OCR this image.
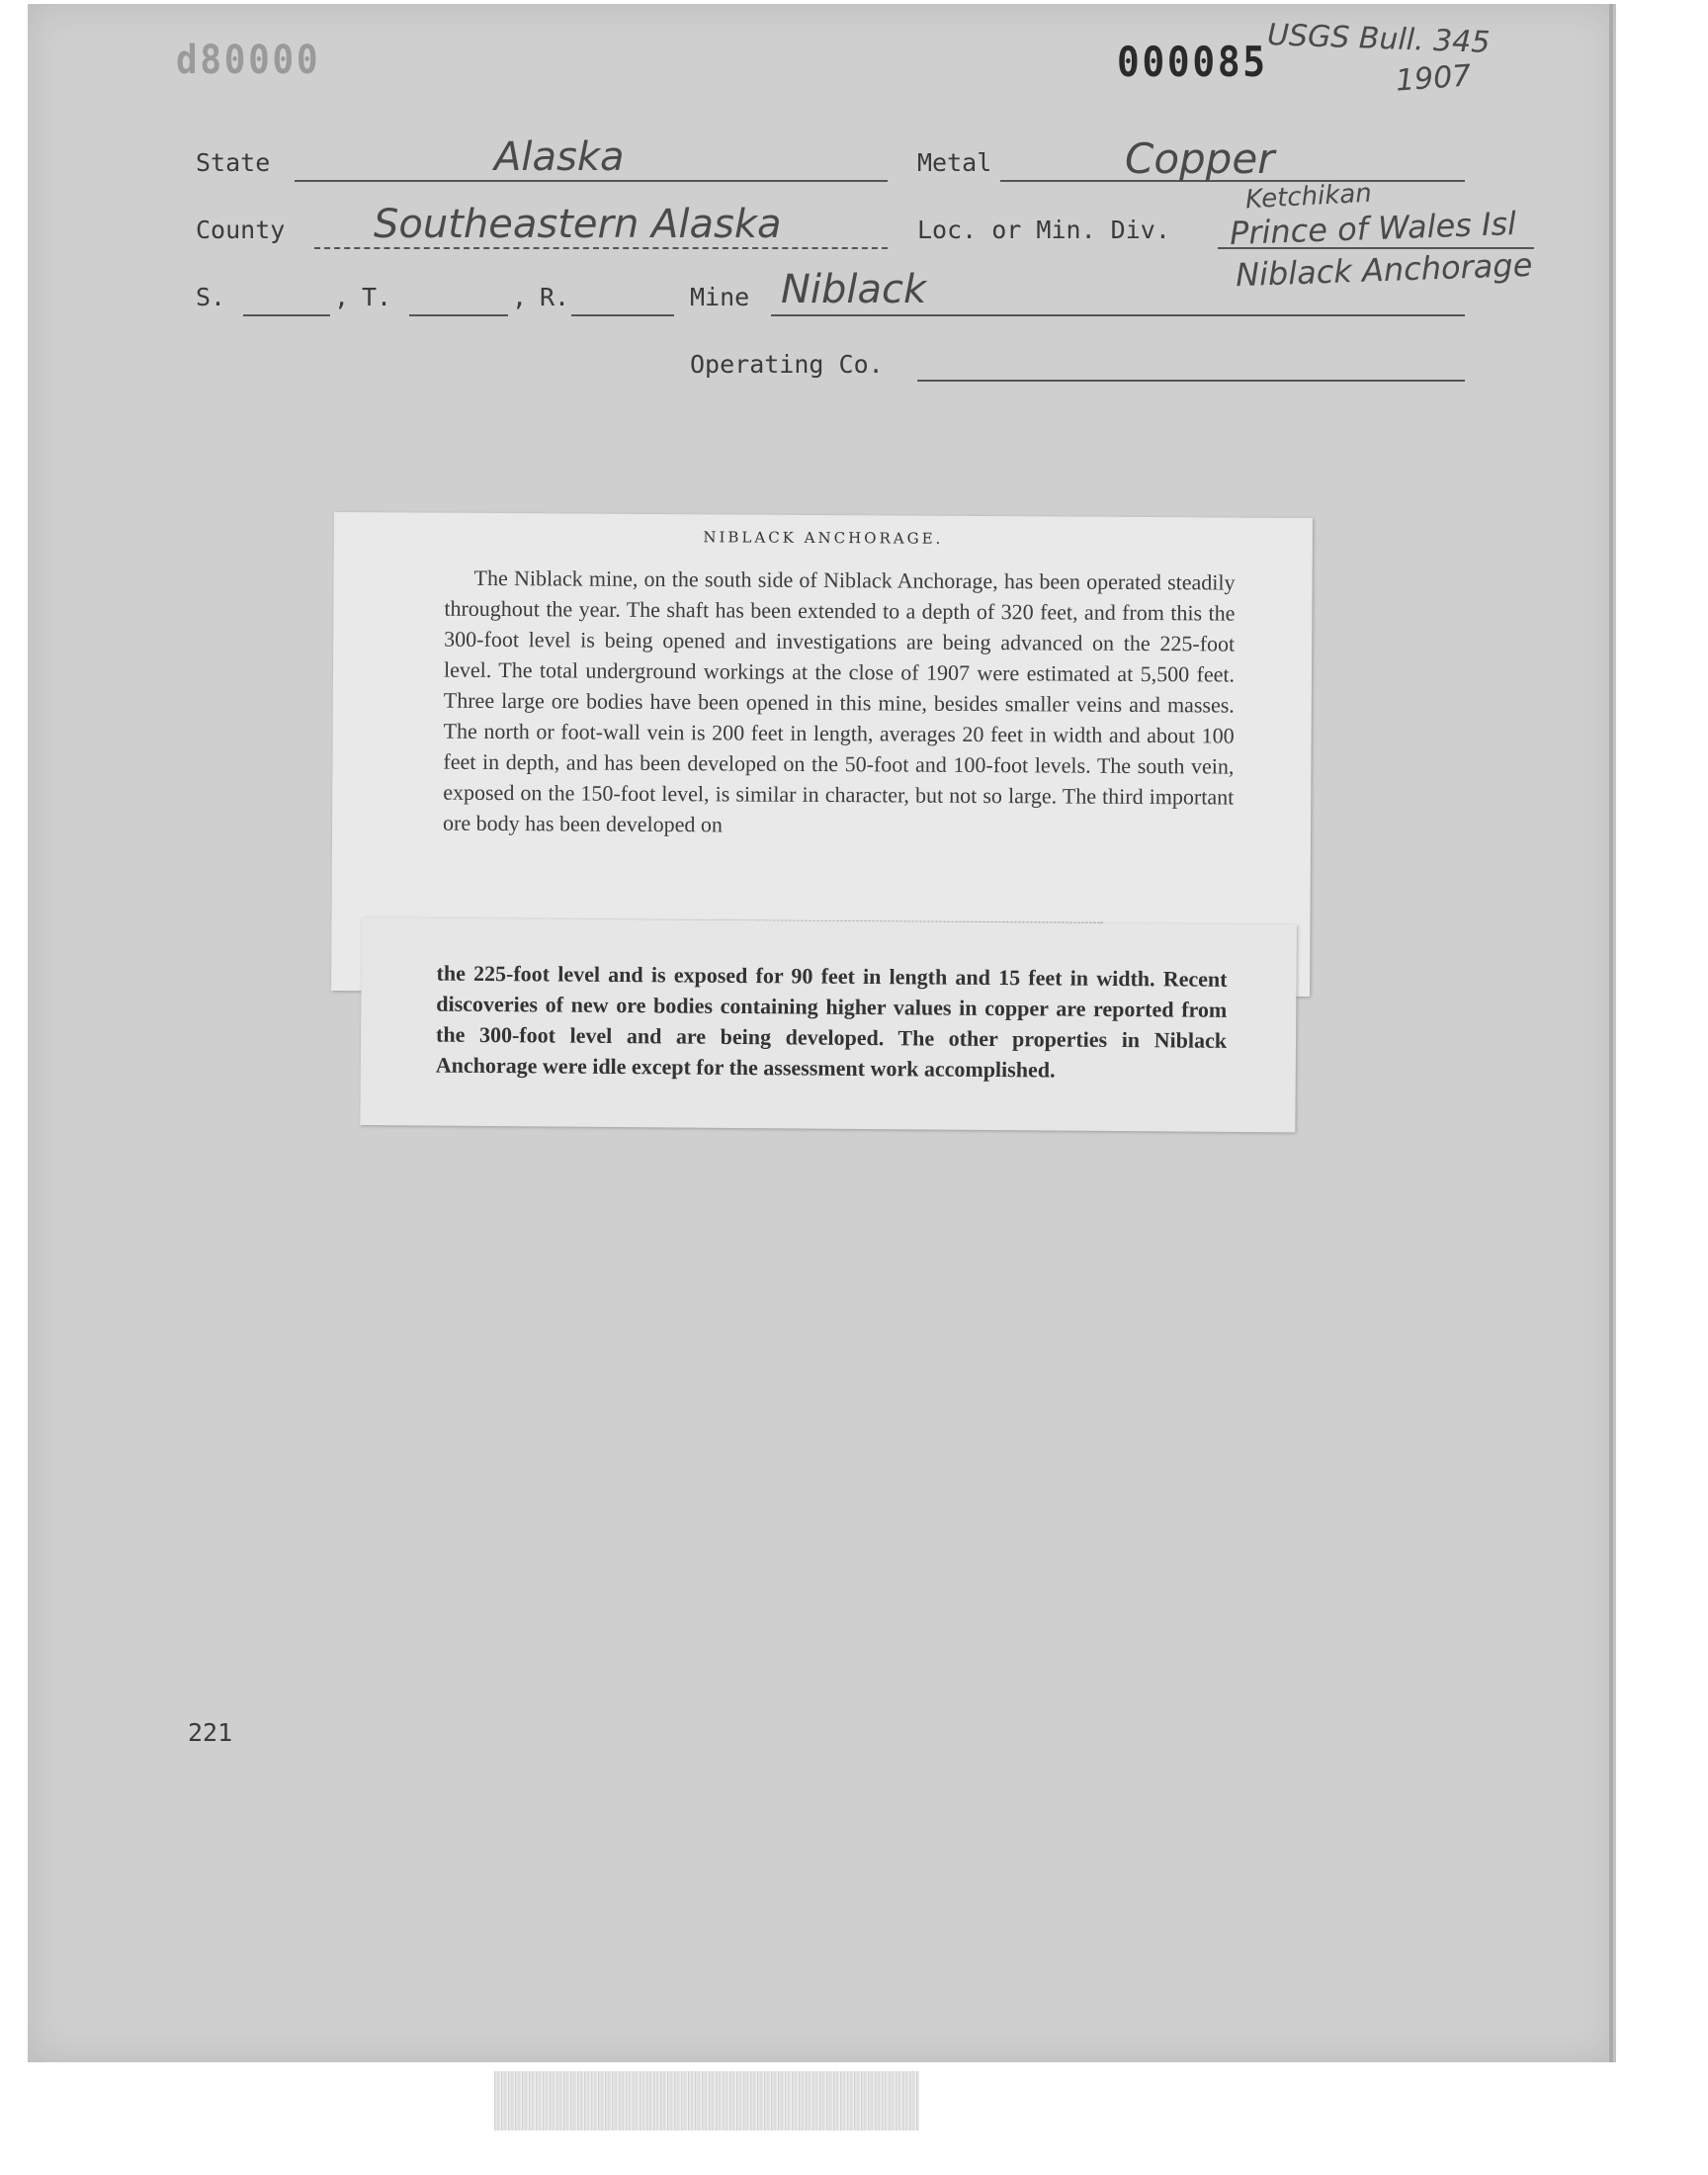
d80000	000085
USGS Bull. 345
1907
State	Alaska	Metal	Copper
County Southeastern Alaska	Loc. or Min. Div.
Ketchikan
Prince of Wales Isl
Niblack Anchorage
S.	, T.	, R.	Mine Niblack
Operating Co.
NIBLACK ANCHORAGE.
The Niblack mine, on the south side of Niblack Anchorage, has been operated steadily throughout the year. The shaft has been extended to a depth of 320 feet, and from this the 300-foot level is being opened and investigations are being advanced on the 225-foot level. The total underground workings at the close of 1907 were estimated at 5,500 feet. Three large ore bodies have been opened in this mine, besides smaller veins and masses. The north or foot-wall vein is 200 feet in length, averages 20 feet in width and about 100 feet in depth, and has been developed on the 50-foot and 100-foot levels. The south vein, exposed on the 150-foot level, is similar in character, but not so large. The third important ore body has been developed on
the 225-foot level and is exposed for 90 feet in length and 15 feet in width. Recent discoveries of new ore bodies containing higher values in copper are reported from the 300-foot level and are being developed. The other properties in Niblack Anchorage were idle except for the assessment work accomplished.
221
